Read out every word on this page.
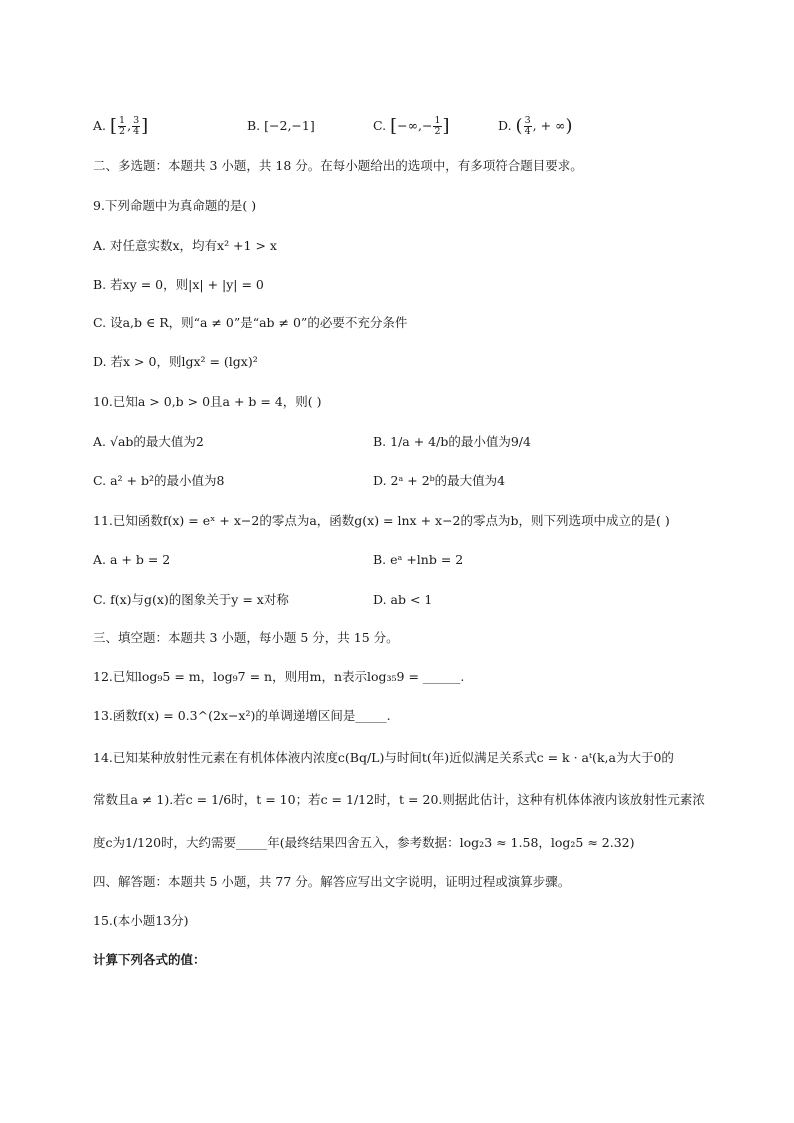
A. [ $\frac{1}{2}$ , $\frac{3}{4}$ ]	B. [−2,−1]	C. [−∞,− $\frac{1}{2}$ ]	D. ( $\frac{3}{4}$ , + ∞)
二、多选题：本题共 3 小题，共 18 分。在每小题给出的选项中，有多项符合题目要求。
9.下列命题中为真命题的是( )
A. 对任意实数x，均有x² +1 > x
B. 若xy = 0，则|x| + |y| = 0
C. 设a,b ∈ R，则“a ≠ 0”是“ab ≠ 0”的必要不充分条件
D. 若x > 0，则lgx² = (lgx)²
10.已知a > 0,b > 0且a + b = 4，则( )
A. √ab的最大值为2	B. 1/a + 4/b的最小值为9/4
C. a² + b²的最小值为8	D. 2ᵃ + 2ᵇ的最大值为4
11.已知函数f(x) = eˣ + x−2的零点为a，函数g(x) = lnx + x−2的零点为b，则下列选项中成立的是( )
A. a + b = 2	B. eᵃ +lnb = 2
C. f(x)与g(x)的图象关于y = x对称	D. ab < 1
三、填空题：本题共 3 小题，每小题 5 分，共 15 分。
12.已知log₉5 = m，log₉7 = n，则用m，n表示log₃₅9 = ______.
13.函数f(x) = 0.3^(2x−x²)的单调递增区间是_____.
14.已知某种放射性元素在有机体体液内浓度c(Bq/L)与时间t(年)近似满足关系式c = k · aᵗ(k,a为大于0的
常数且a ≠ 1).若c = 1/6时，t = 10；若c = 1/12时，t = 20.则据此估计，这种有机体体液内该放射性元素浓
度c为1/120时，大约需要_____年(最终结果四舍五入，参考数据：log₂3 ≈ 1.58，log₂5 ≈ 2.32)
四、解答题：本题共 5 小题，共 77 分。解答应写出文字说明，证明过程或演算步骤。
15.(本小题13分)
计算下列各式的值：
